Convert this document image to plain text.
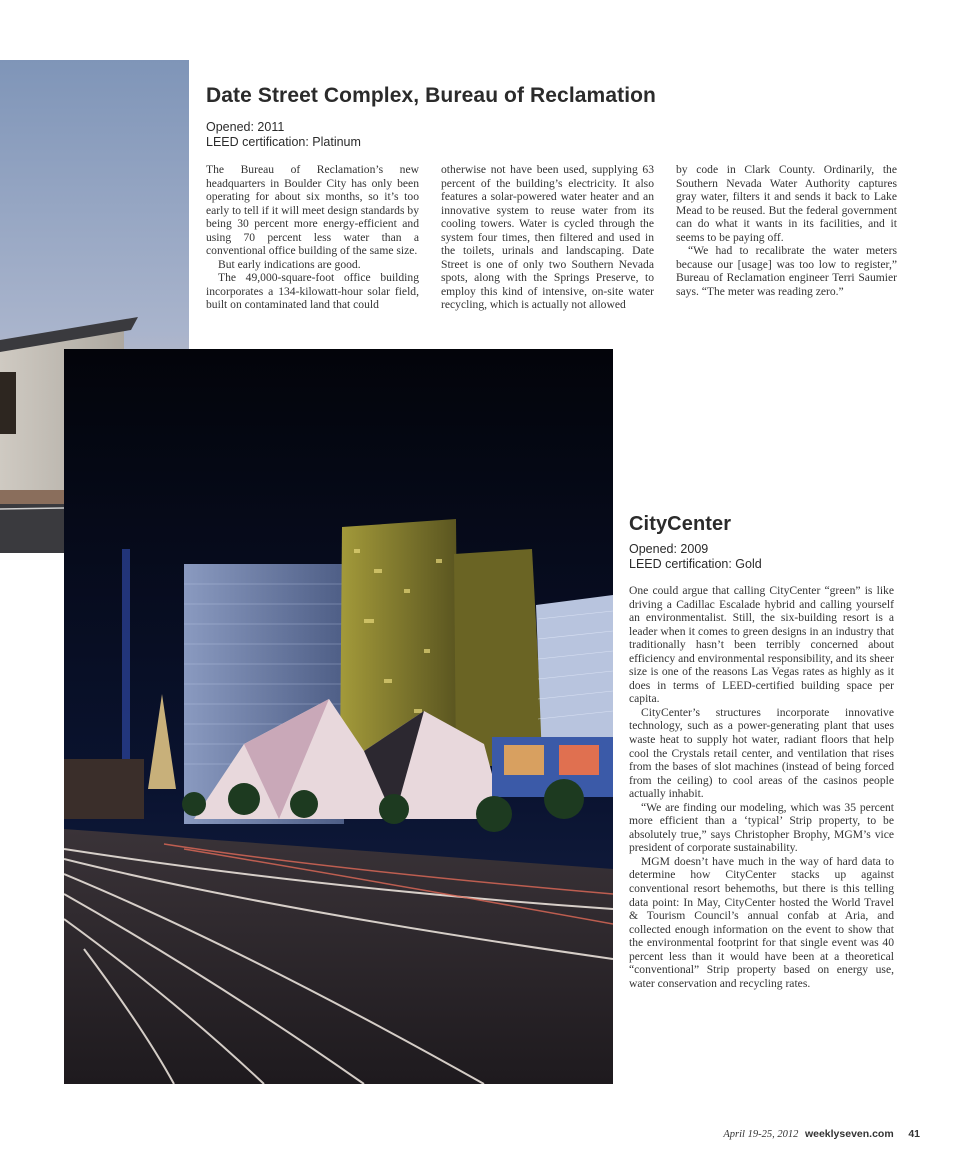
Date Street Complex, Bureau of Reclamation
Opened: 2011
LEED certification: Platinum

The Bureau of Reclamation’s new headquarters in Boulder City has only been operating for about six months, so it’s too early to tell if it will meet design standards by being 30 percent more energy-efficient and using 70 percent less water than a conventional office building of the same size.

But early indications are good.

The 49,000-square-foot office building incorporates a 134-kilowatt-hour solar field, built on contaminated land that could

otherwise not have been used, supplying 63 percent of the building’s electricity. It also features a solar-powered water heater and an innovative system to reuse water from its cooling towers. Water is cycled through the system four times, then filtered and used in the toilets, urinals and landscaping. Date Street is one of only two Southern Nevada spots, along with the Springs Preserve, to employ this kind of intensive, on-site water recycling, which is actually not allowed

by code in Clark County. Ordinarily, the Southern Nevada Water Authority captures gray water, filters it and sends it back to Lake Mead to be reused. But the federal government can do what it wants in its facilities, and it seems to be paying off.

“We had to recalibrate the water meters because our [usage] was too low to register,” Bureau of Reclamation engineer Terri Saumier says. “The meter was reading zero.”

CityCenter
Opened: 2009
LEED certification: Gold

One could argue that calling CityCenter “green” is like driving a Cadillac Escalade hybrid and calling yourself an environmentalist. Still, the six-building resort is a leader when it comes to green designs in an industry that traditionally hasn’t been terribly concerned about efficiency and environmental responsibility, and its sheer size is one of the reasons Las Vegas rates as highly as it does in terms of LEED-certified building space per capita.

CityCenter’s structures incorporate innovative technology, such as a power-generating plant that uses waste heat to supply hot water, radiant floors that help cool the Crystals retail center, and ventilation that rises from the bases of slot machines (instead of being forced from the ceiling) to cool areas of the casinos people actually inhabit.

“We are finding our modeling, which was 35 percent more efficient than a ‘typical’ Strip property, to be absolutely true,” says Christopher Brophy, MGM’s vice president of corporate sustainability.

MGM doesn’t have much in the way of hard data to determine how CityCenter stacks up against conventional resort behemoths, but there is this telling data point: In May, CityCenter hosted the World Travel & Tourism Council’s annual confab at Aria, and collected enough information on the event to show that the environmental footprint for that single event was 40 percent less than it would have been at a theoretical “conventional” Strip property based on energy use, water conservation and recycling rates.

April 19-25, 2012 weeklyseven.com 41
